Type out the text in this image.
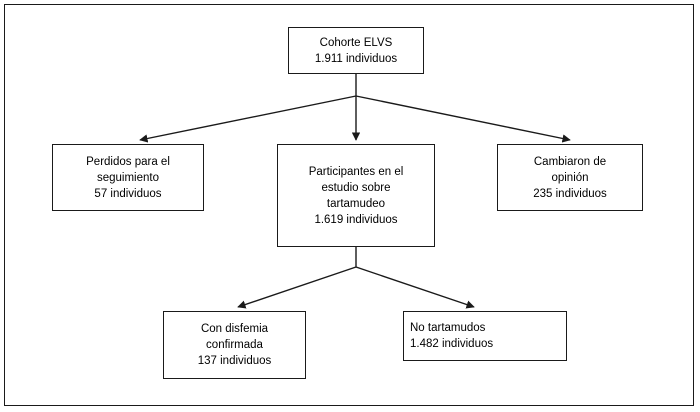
Cohorte ELVS
1.911 individuos
Perdidos para el
seguimiento
57 individuos
Participantes en el
estudio sobre
tartamudeo
1.619 individuos
Cambiaron de
opinión
235 individuos
Con disfemia
confirmada
137 individuos
No tartamudos
1.482 individuos
